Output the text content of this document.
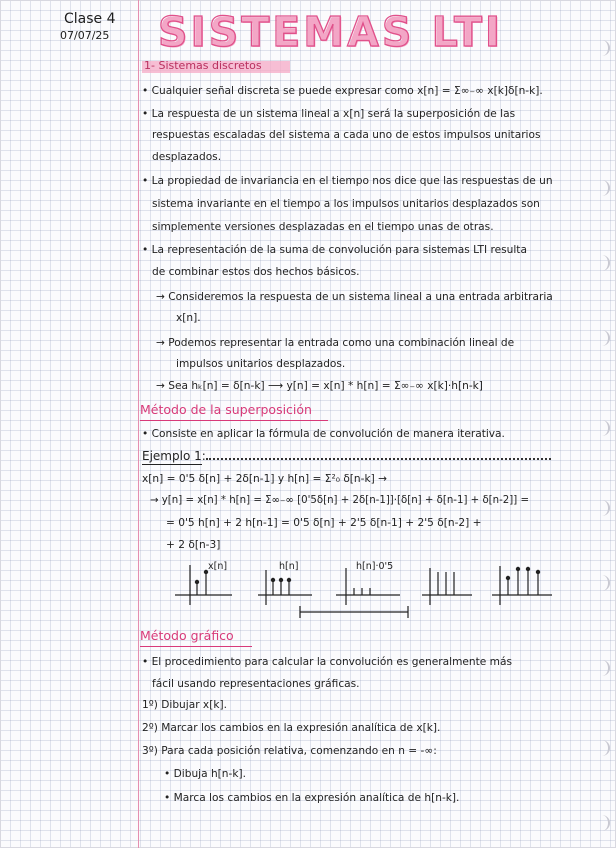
Clase 4
07/07/25 SISTEMAS LTI
1- Sistemas discretos
• Cualquier señal discreta se puede expresar como x[n] = Σ∞₋∞ x[k]δ[n-k].
• La respuesta de un sistema lineal a x[n] será la superposición de las
respuestas escaladas del sistema a cada uno de estos impulsos unitarios
desplazados.
• La propiedad de invariancia en el tiempo nos dice que las respuestas de un
sistema invariante en el tiempo a los impulsos unitarios desplazados son
simplemente versiones desplazadas en el tiempo unas de otras.
• La representación de la suma de convolución para sistemas LTI resulta
de combinar estos dos hechos básicos.
→ Consideremos la respuesta de un sistema lineal a una entrada arbitraria
x[n].
→ Podemos representar la entrada como una combinación lineal de
impulsos unitarios desplazados.
→ Sea hₖ[n] = δ[n-k] ⟶ y[n] = x[n] * h[n] = Σ∞₋∞ x[k]·h[n-k]
Método de la superposición
• Consiste en aplicar la fórmula de convolución de manera iterativa.
Ejemplo 1:
x[n] = 0'5 δ[n] + 2δ[n-1] y h[n] = Σ²₀ δ[n-k] →
→ y[n] = x[n] * h[n] = Σ∞₋∞ [0'5δ[n] + 2δ[n-1]]·[δ[n] + δ[n-1] + δ[n-2]] =
= 0'5 h[n] + 2 h[n-1] = 0'5 δ[n] + 2'5 δ[n-1] + 2'5 δ[n-2] +
+ 2 δ[n-3]
x[n]	h[n]	h[n]·0'5
Método gráfico
• El procedimiento para calcular la convolución es generalmente más
fácil usando representaciones gráficas.
1º) Dibujar x[k].
2º) Marcar los cambios en la expresión analítica de x[k].
3º) Para cada posición relativa, comenzando en n = -∞:
• Dibuja h[n-k].
• Marca los cambios en la expresión analítica de h[n-k].
